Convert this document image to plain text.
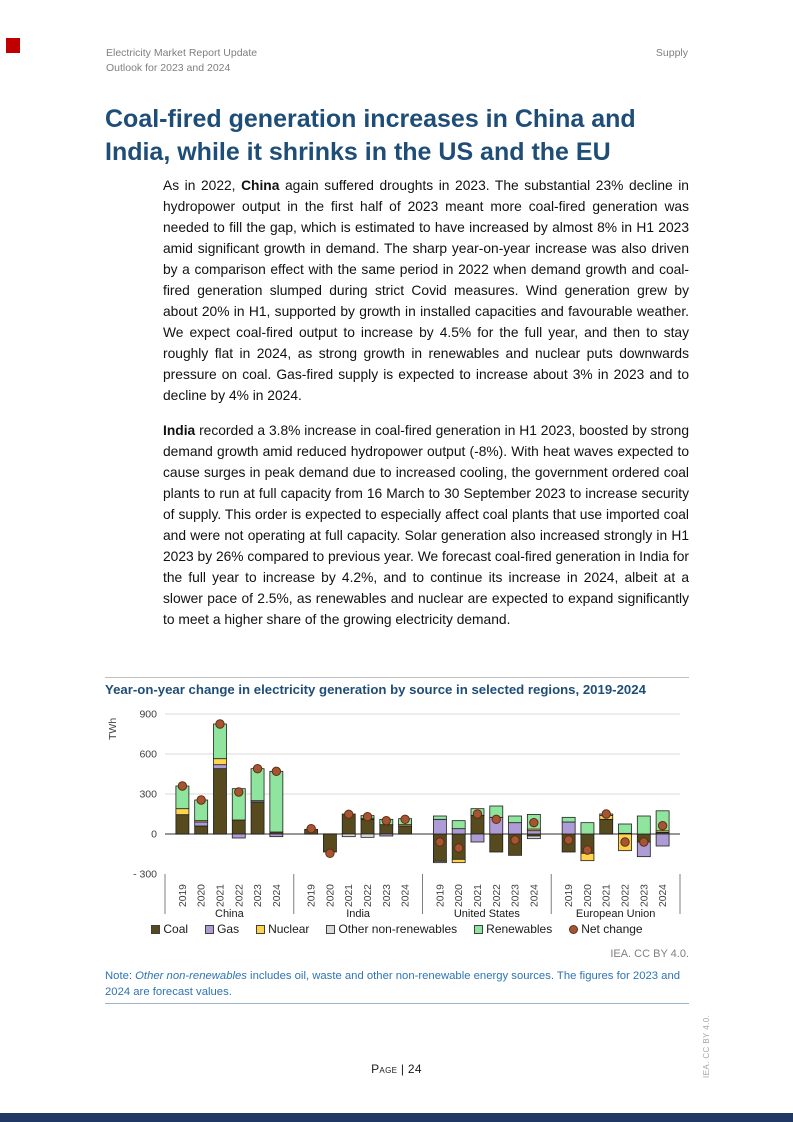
Electricity Market Report Update
Outlook for 2023 and 2024
Supply
Coal-fired generation increases in China and India, while it shrinks in the US and the EU

As in 2022, China again suffered droughts in 2023. The substantial 23% decline in hydropower output in the first half of 2023 meant more coal-fired generation was needed to fill the gap, which is estimated to have increased by almost 8% in H1 2023 amid significant growth in demand. The sharp year-on-year increase was also driven by a comparison effect with the same period in 2022 when demand growth and coal-fired generation slumped during strict Covid measures. Wind generation grew by about 20% in H1, supported by growth in installed capacities and favourable weather. We expect coal-fired output to increase by 4.5% for the full year, and then to stay roughly flat in 2024, as strong growth in renewables and nuclear puts downwards pressure on coal. Gas-fired supply is expected to increase about 3% in 2023 and to decline by 4% in 2024.

India recorded a 3.8% increase in coal-fired generation in H1 2023, boosted by strong demand growth amid reduced hydropower output (-8%). With heat waves expected to cause surges in peak demand due to increased cooling, the government ordered coal plants to run at full capacity from 16 March to 30 September 2023 to increase security of supply. This order is expected to especially affect coal plants that use imported coal and were not operating at full capacity. Solar generation also increased strongly in H1 2023 by 26% compared to previous year. We forecast coal-fired generation in India for the full year to increase by 4.2%, and to continue its increase in 2024, albeit at a slower pace of 2.5%, as renewables and nuclear are expected to expand significantly to meet a higher share of the growing electricity demand.

Year-on-year change in electricity generation by source in selected regions, 2019-2024
900
600
300
0
- 300
TWh
2019 2020 2021 2022 2023 2024
China
2019 2020 2021 2022 2023 2024
India
2019 2020 2021 2022 2023 2024
United States
2019 2020 2021 2022 2023 2024
European Union
Coal Gas Nuclear Other non-renewables Renewables Net change
IEA. CC BY 4.0.
Note: Other non-renewables includes oil, waste and other non-renewable energy sources. The figures for 2023 and 2024 are forecast values.
Page | 24	IEA. CC BY 4.0.
